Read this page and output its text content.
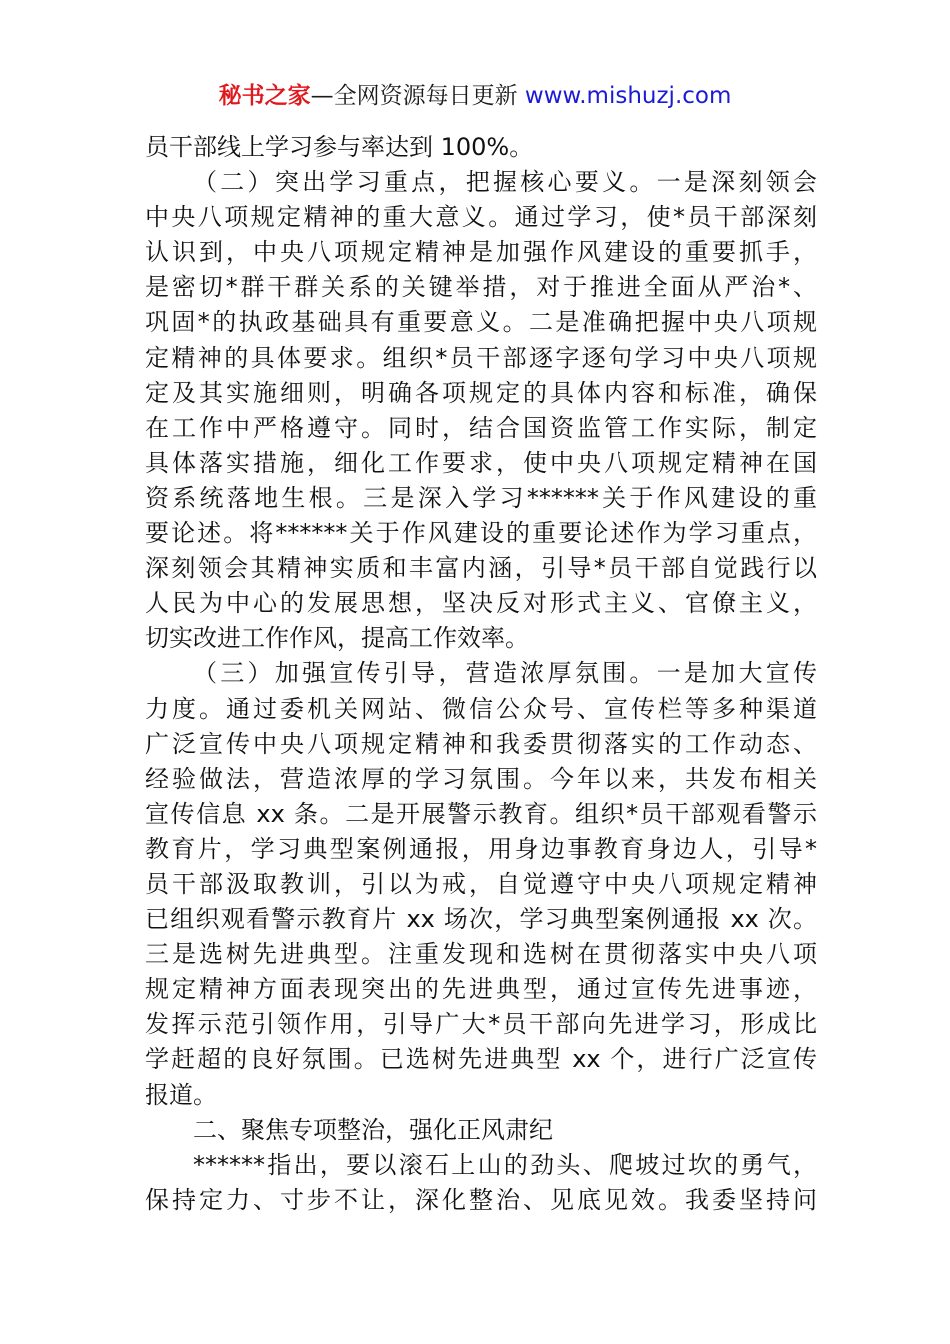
秘书之家—全网资源每日更新 www.mishuzj.com
员干部线上学习参与率达到 100%。
（二）突出学习重点，把握核心要义。一是深刻领会
中央八项规定精神的重大意义。通过学习，使*员干部深刻
认识到，中央八项规定精神是加强作风建设的重要抓手，
是密切*群干群关系的关键举措，对于推进全面从严治*、
巩固*的执政基础具有重要意义。二是准确把握中央八项规
定精神的具体要求。组织*员干部逐字逐句学习中央八项规
定及其实施细则，明确各项规定的具体内容和标准，确保
在工作中严格遵守。同时，结合国资监管工作实际，制定
具体落实措施，细化工作要求，使中央八项规定精神在国
资系统落地生根。三是深入学习******关于作风建设的重
要论述。将******关于作风建设的重要论述作为学习重点，
深刻领会其精神实质和丰富内涵，引导*员干部自觉践行以
人民为中心的发展思想，坚决反对形式主义、官僚主义，
切实改进工作作风，提高工作效率。
（三）加强宣传引导，营造浓厚氛围。一是加大宣传
力度。通过委机关网站、微信公众号、宣传栏等多种渠道
广泛宣传中央八项规定精神和我委贯彻落实的工作动态、
经验做法，营造浓厚的学习氛围。今年以来，共发布相关
宣传信息 xx 条。二是开展警示教育。组织*员干部观看警示
教育片，学习典型案例通报，用身边事教育身边人，引导*
员干部汲取教训，引以为戒，自觉遵守中央八项规定精神
已组织观看警示教育片 xx 场次，学习典型案例通报 xx 次。
三是选树先进典型。注重发现和选树在贯彻落实中央八项
规定精神方面表现突出的先进典型，通过宣传先进事迹，
发挥示范引领作用，引导广大*员干部向先进学习，形成比
学赶超的良好氛围。已选树先进典型 xx 个，进行广泛宣传
报道。
二、聚焦专项整治，强化正风肃纪
******指出，要以滚石上山的劲头、爬坡过坎的勇气，
保持定力、寸步不让，深化整治、见底见效。我委坚持问
